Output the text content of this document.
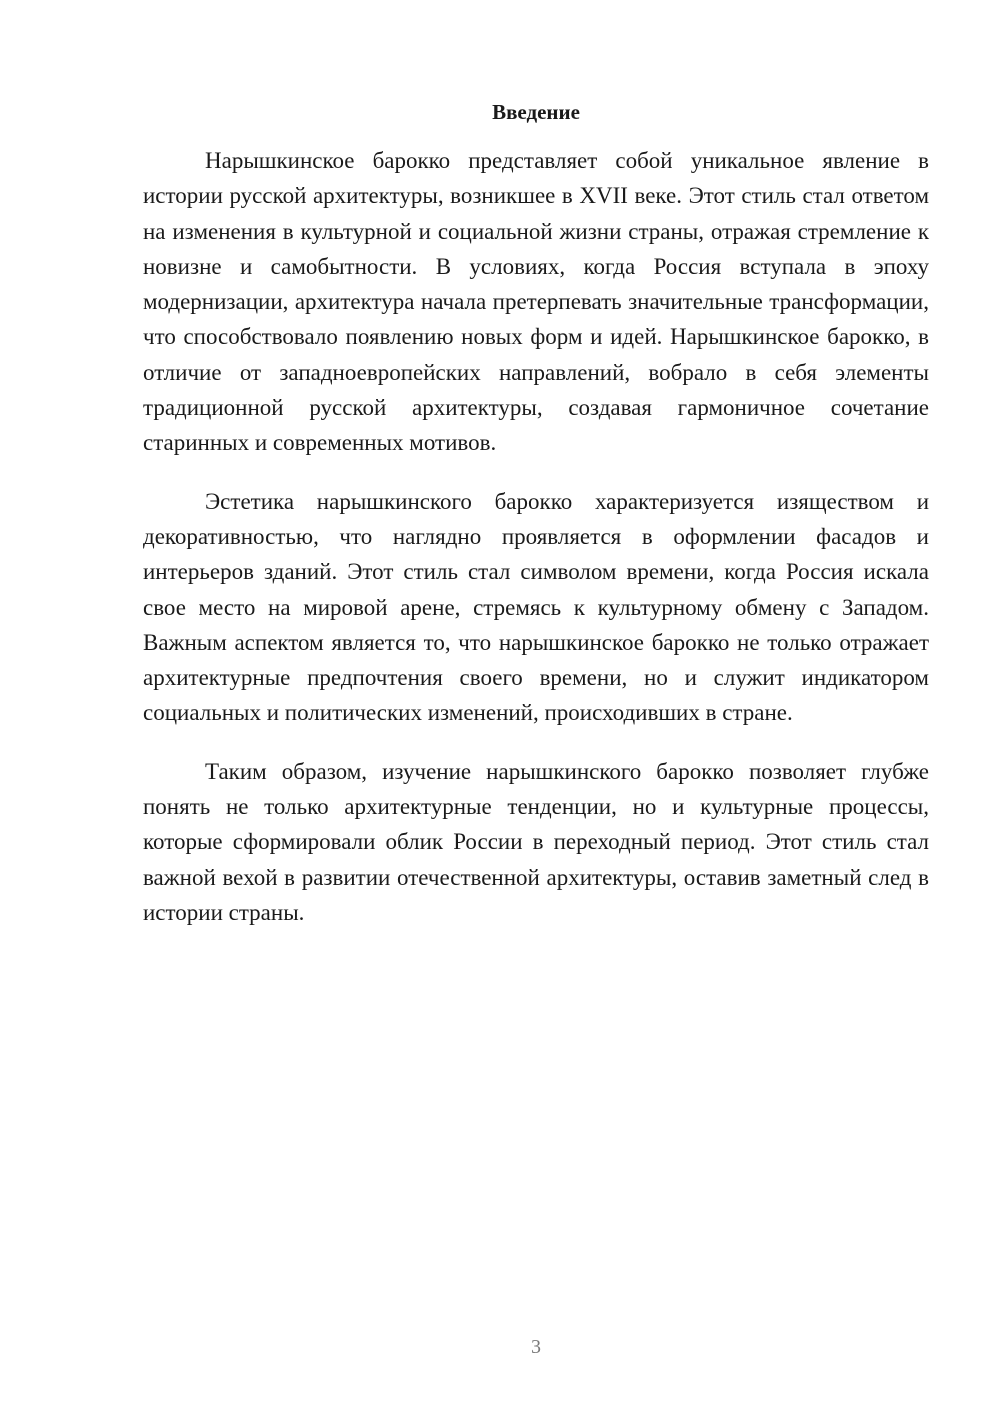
Введение

Нарышкинское барокко представляет собой уникальное явление в истории русской архитектуры, возникшее в XVII веке. Этот стиль стал ответом на изменения в культурной и социальной жизни страны, отражая стремление к новизне и самобытности. В условиях, когда Россия вступала в эпоху модернизации, архитектура начала претерпевать значительные трансформации, что способствовало появлению новых форм и идей. Нарышкинское барокко, в отличие от западноевропейских направлений, вобрало в себя элементы традиционной русской архитектуры, создавая гармоничное сочетание старинных и современных мотивов.

Эстетика нарышкинского барокко характеризуется изяществом и декоративностью, что наглядно проявляется в оформлении фасадов и интерьеров зданий. Этот стиль стал символом времени, когда Россия искала свое место на мировой арене, стремясь к культурному обмену с Западом. Важным аспектом является то, что нарышкинское барокко не только отражает архитектурные предпочтения своего времени, но и служит индикатором социальных и политических изменений, происходивших в стране.

Таким образом, изучение нарышкинского барокко позволяет глубже понять не только архитектурные тенденции, но и культурные процессы, которые сформировали облик России в переходный период. Этот стиль стал важной вехой в развитии отечественной архитектуры, оставив заметный след в истории страны.

3
